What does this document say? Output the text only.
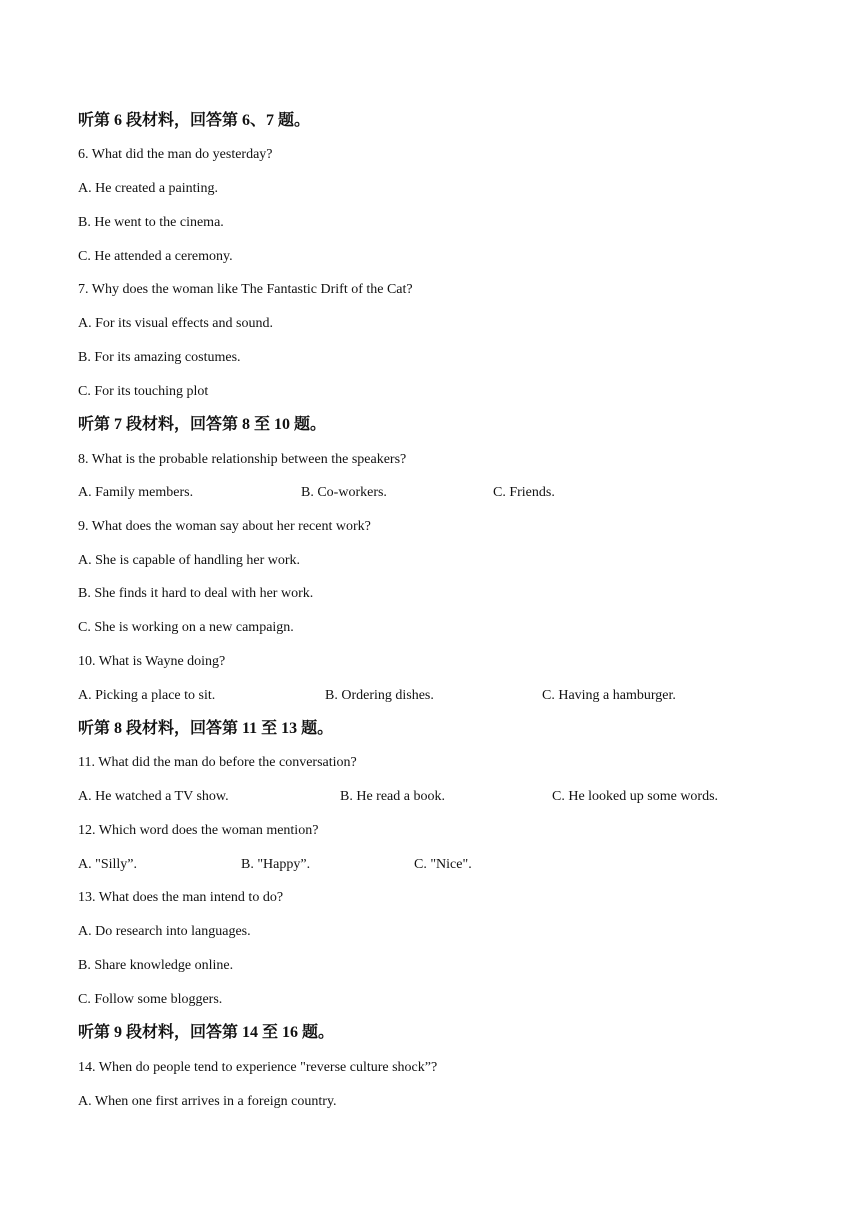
听第 6 段材料，回答第 6、7 题。
6. What did the man do yesterday?
A. He created a painting.
B. He went to the cinema.
C. He attended a ceremony.
7. Why does the woman like The Fantastic Drift of the Cat?
A. For its visual effects and sound.
B. For its amazing costumes.
C. For its touching plot
听第 7 段材料，回答第 8 至 10 题。
8. What is the probable relationship between the speakers?
A. Family members.	B. Co-workers.	C. Friends.
9. What does the woman say about her recent work?
A. She is capable of handling her work.
B. She finds it hard to deal with her work.
C. She is working on a new campaign.
10. What is Wayne doing?
A. Picking a place to sit.	B. Ordering dishes.	C. Having a hamburger.
听第 8 段材料，回答第 11 至 13 题。
11. What did the man do before the conversation?
A. He watched a TV show.	B. He read a book.	C. He looked up some words.
12. Which word does the woman mention?
A. "Silly”.	B. "Happy”.	C. "Nice".
13. What does the man intend to do?
A. Do research into languages.
B. Share knowledge online.
C. Follow some bloggers.
听第 9 段材料，回答第 14 至 16 题。
14. When do people tend to experience "reverse culture shock”?
A. When one first arrives in a foreign country.
